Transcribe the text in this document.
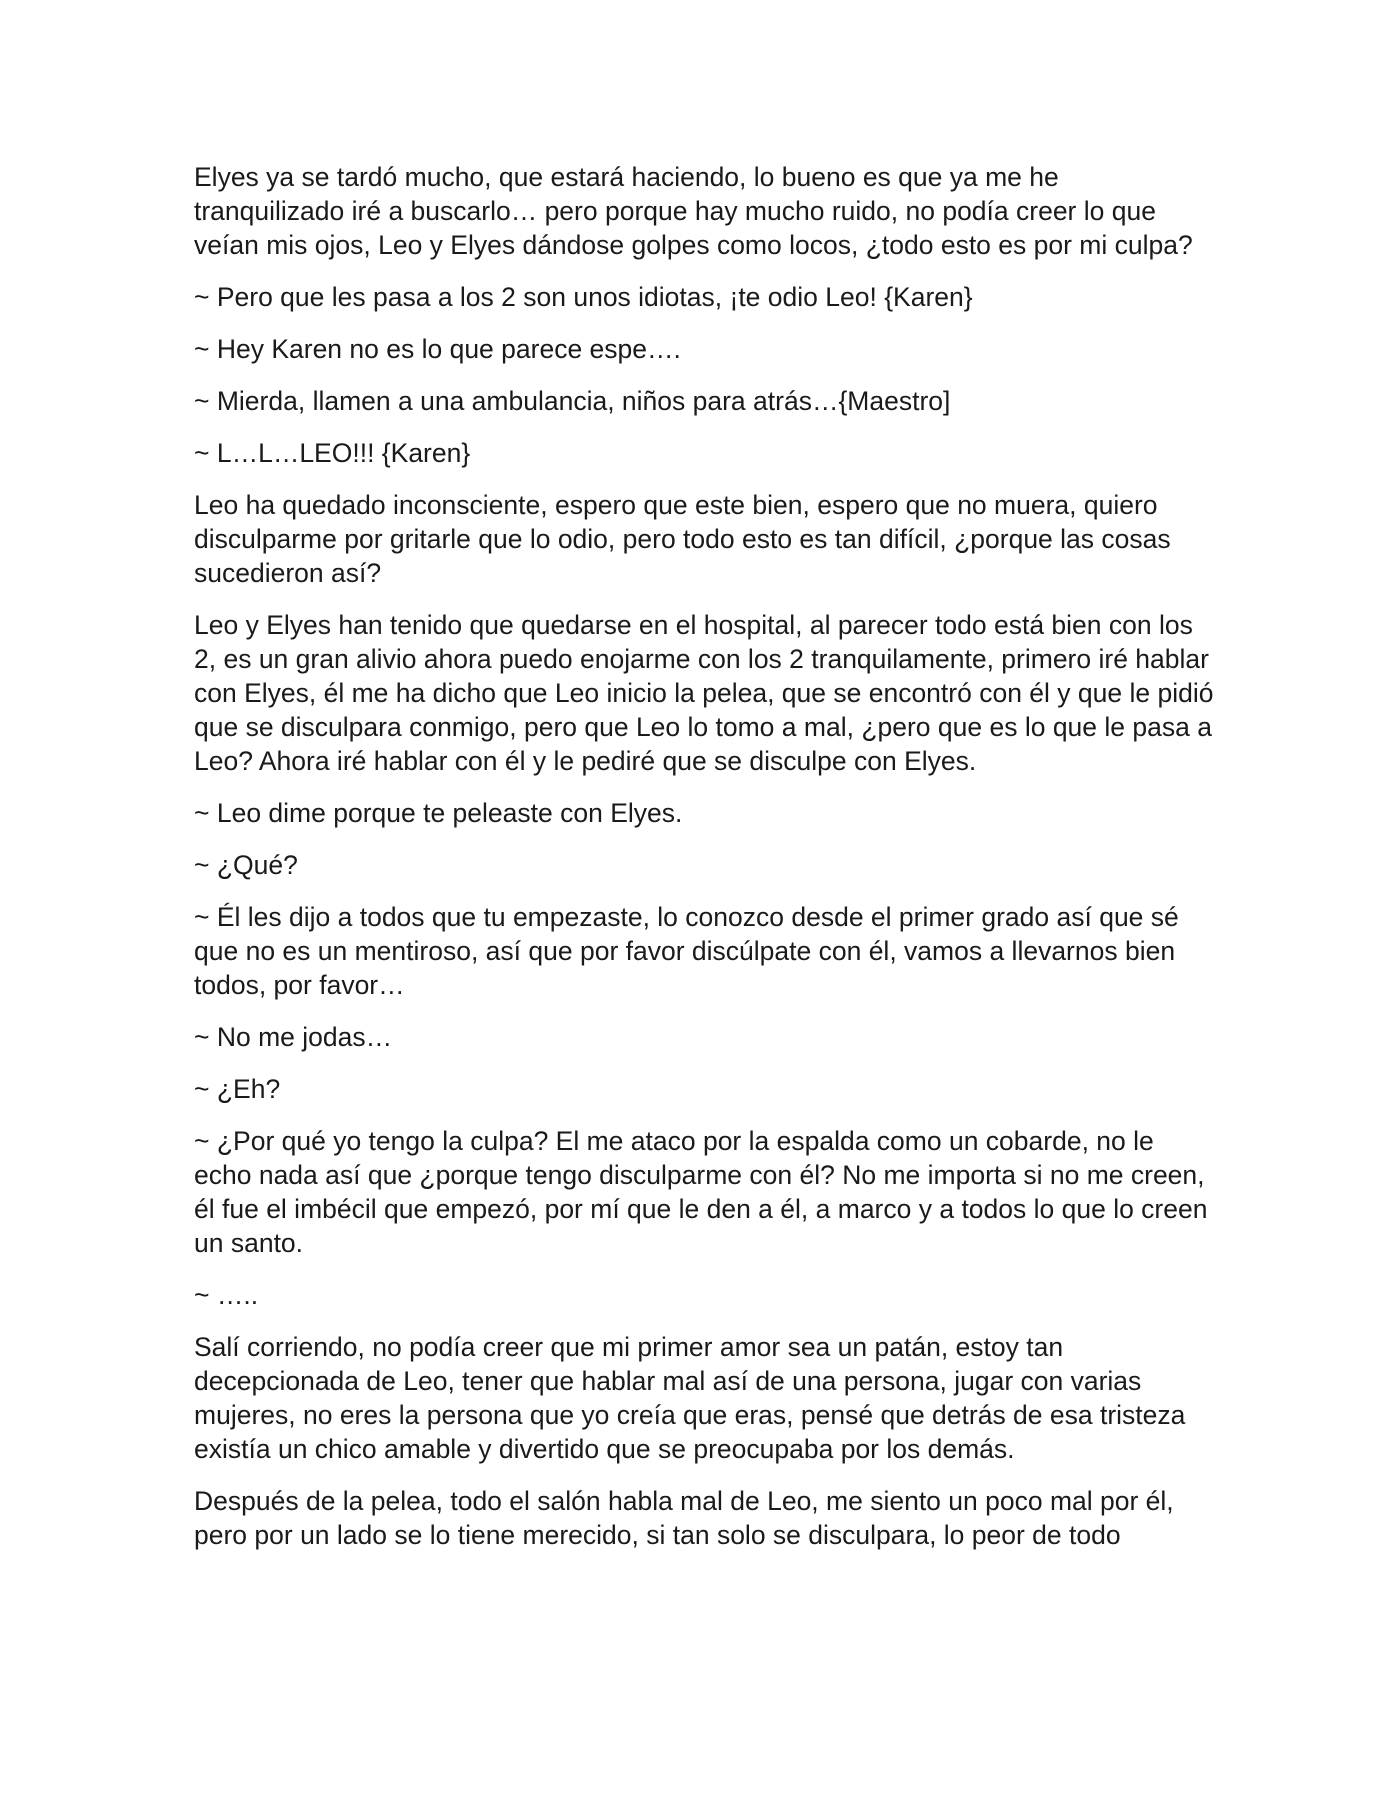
Elyes ya se tardó mucho, que estará haciendo, lo bueno es que ya me he tranquilizado iré a buscarlo… pero porque hay mucho ruido, no podía creer lo que veían mis ojos, Leo y Elyes dándose golpes como locos, ¿todo esto es por mi culpa?

~ Pero que les pasa a los 2 son unos idiotas, ¡te odio Leo! {Karen}

~ Hey Karen no es lo que parece espe….

~ Mierda, llamen a una ambulancia, niños para atrás…{Maestro]

~ L…L…LEO!!! {Karen}

Leo ha quedado inconsciente, espero que este bien, espero que no muera, quiero disculparme por gritarle que lo odio, pero todo esto es tan difícil, ¿porque las cosas sucedieron así?

Leo y Elyes han tenido que quedarse en el hospital, al parecer todo está bien con los 2, es un gran alivio ahora puedo enojarme con los 2 tranquilamente, primero iré hablar con Elyes, él me ha dicho que Leo inicio la pelea, que se encontró con él y que le pidió que se disculpara conmigo, pero que Leo lo tomo a mal, ¿pero que es lo que le pasa a Leo? Ahora iré hablar con él y le pediré que se disculpe con Elyes.

~ Leo dime porque te peleaste con Elyes.

~ ¿Qué?

~ Él les dijo a todos que tu empezaste, lo conozco desde el primer grado así que sé que no es un mentiroso, así que por favor discúlpate con él, vamos a llevarnos bien todos, por favor…

~ No me jodas…

~ ¿Eh?

~ ¿Por qué yo tengo la culpa? El me ataco por la espalda como un cobarde, no le echo nada así que ¿porque tengo disculparme con él? No me importa si no me creen, él fue el imbécil que empezó, por mí que le den a él, a marco y a todos lo que lo creen un santo.

~ …..

Salí corriendo, no podía creer que mi primer amor sea un patán, estoy tan decepcionada de Leo, tener que hablar mal así de una persona, jugar con varias mujeres, no eres la persona que yo creía que eras, pensé que detrás de esa tristeza existía un chico amable y divertido que se preocupaba por los demás.

Después de la pelea, todo el salón habla mal de Leo, me siento un poco mal por él, pero por un lado se lo tiene merecido, si tan solo se disculpara, lo peor de todo
